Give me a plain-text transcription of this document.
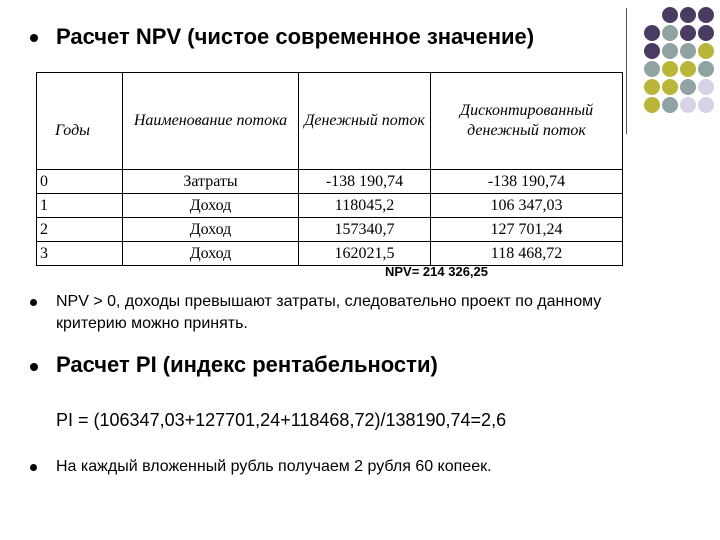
Расчет NPV (чистое современное значение)
Годы	Наименование потока	Денежный поток	Дисконтированный денежный поток
0	Затраты	-138 190,74	-138 190,74
1	Доход	118045,2	106 347,03
2	Доход	157340,7	127 701,24
3	Доход	162021,5	118 468,72
NPV= 214 326,25
NPV > 0, доходы превышают затраты, следовательно проект по данному критерию можно принять.
Расчет PI (индекс рентабельности)
PI = (106347,03+127701,24+118468,72)/138190,74=2,6
На каждый вложенный рубль получаем 2 рубля 60 копеек.
